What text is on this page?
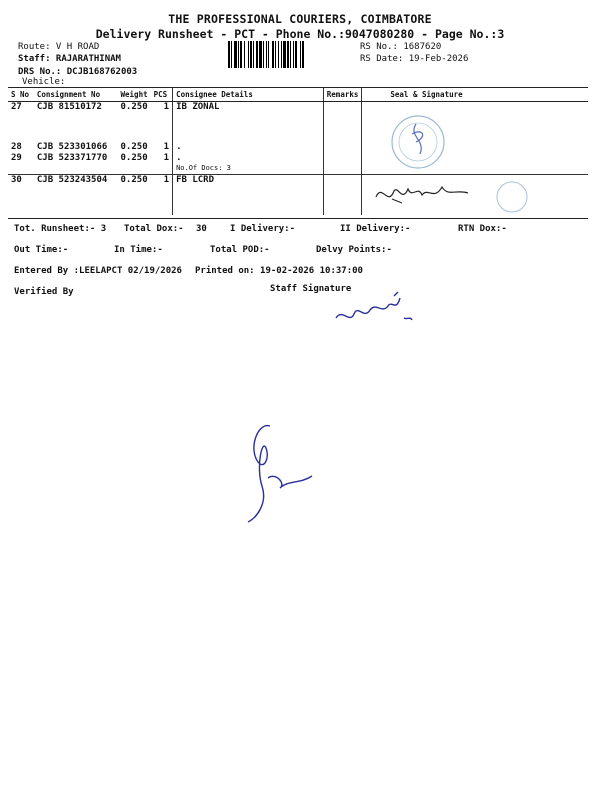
THE PROFESSIONAL COURIERS, COIMBATORE
Delivery Runsheet - PCT - Phone No.:9047080280 - Page No.:3
Route: V H ROAD
Staff: RAJARATHINAM
DRS No.: DCJB168762003
Vehicle:
RS No.: 1687620
RS Date: 19-Feb-2026
S No	Consignment No	Weight	PCS	Consignee Details	Remarks	Seal & Signature
27	CJB 81510172	0.250	1	IB ZONAL		

28	CJB 523301066	0.250	1	.		
29	CJB 523371770	0.250	1	.
No.Of Docs: 3		

30	CJB 523243504	0.250	1	FB LCRD		
Tot. Runsheet:- 3 Total Dox:- 30	I Delivery:-	II Delivery:-	RTN Dox:-
Out Time:-	In Time:-	Total POD:-	Delvy Points:-
Entered By :LEELAPCT 02/19/2026 Printed on: 19-02-2026 10:37:00
Verified By	Staff Signature
